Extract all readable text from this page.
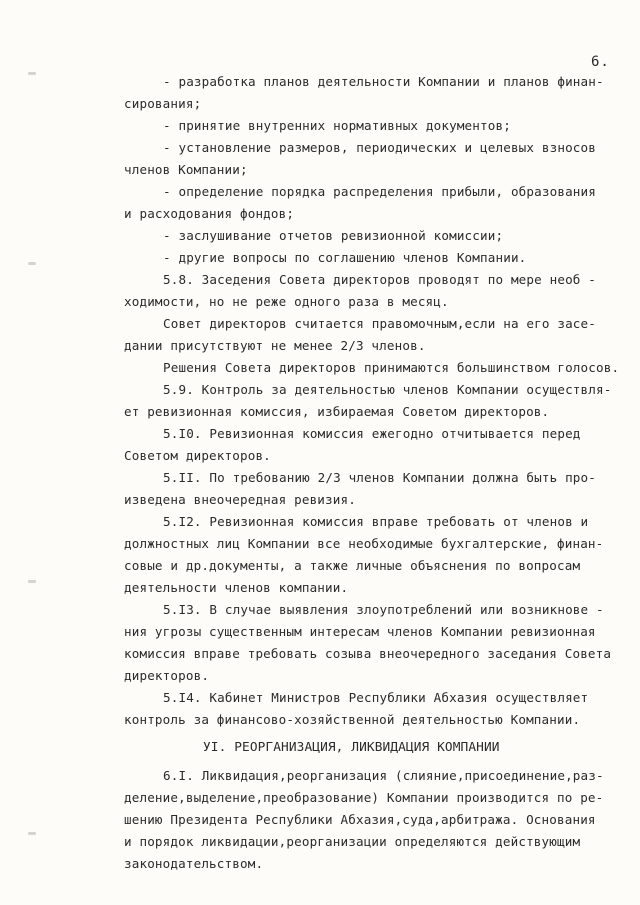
6.
- разработка планов деятельности Компании и планов финан-
сирования;
- принятие внутренних нормативных документов;
- установление размеров, периодических и целевых взносов
членов Компании;
- определение порядка распределения прибыли, образования
и расходования фондов;
- заслушивание отчетов ревизионной комиссии;
- другие вопросы по соглашению членов Компании.
5.8. Заседения Совета директоров проводят по мере необ -
ходимости, но не реже одного раза в месяц.
Совет директоров считается правомочным,если на его засе-
дании присутствуют не менее 2/3 членов.
Решения Совета директоров принимаются большинством голосов.
5.9. Контроль за деятельностью членов Компании осуществля-
ет ревизионная комиссия, избираемая Советом директоров.
5.I0. Ревизионная комиссия ежегодно отчитывается перед
Советом директоров.
5.II. По требованию 2/3 членов Компании должна быть про-
изведена внеочередная ревизия.
5.I2. Ревизионная комиссия вправе требовать от членов и
должностных лиц Компании все необходимые бухгалтерские, финан-
совые и др.документы, а также личные объяснения по вопросам
деятельности членов компании.
5.I3. В случае выявления злоупотреблений или возникнове -
ния угрозы существенным интересам членов Компании ревизионная
комиссия вправе требовать созыва внеочередного заседания Совета
директоров.
5.I4. Кабинет Министров Республики Абхазия осуществляет
контроль за финансово-хозяйственной деятельностью Компании.
УI. РЕОРГАНИЗАЦИЯ, ЛИКВИДАЦИЯ КОМПАНИИ
6.I. Ликвидация,реорганизация (слияние,присоединение,раз-
деление,выделение,преобразование) Компании производится по ре-
шению Президента Республики Абхазия,суда,арбитража. Основания
и порядок ликвидации,реорганизации определяются действующим
законодательством.
